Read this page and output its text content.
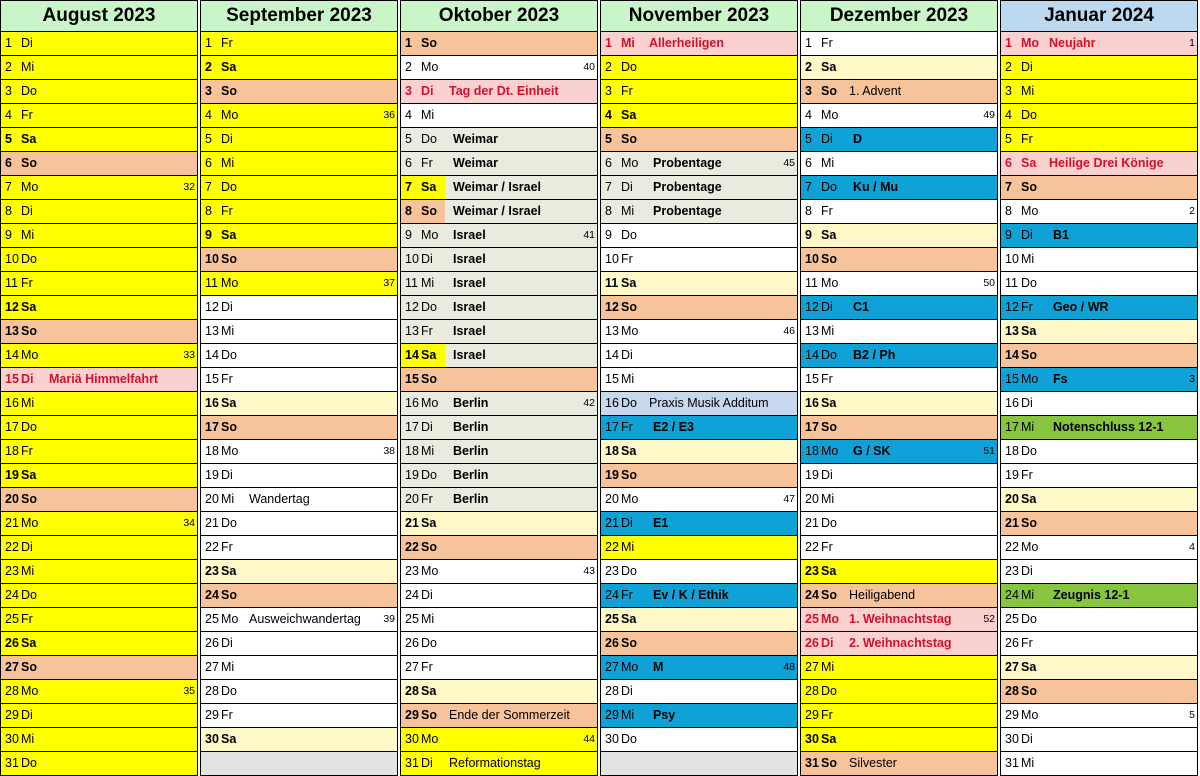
August 2023
1 Di
2 Mi
3 Do
4 Fr
5 Sa
6 So
7 Mo	32
8 Di
9 Mi
10 Do
11 Fr
12 Sa
13 So
14 Mo	33
15 Di Mariä Himmelfahrt
16 Mi
17 Do
18 Fr
19 Sa
20 So
21 Mo	34
22 Di
23 Mi
24 Do
25 Fr
26 Sa
27 So
28 Mo	35
29 Di
30 Mi
31 Do
September 2023
1 Fr
2 Sa
3 So
4 Mo	36
5 Di
6 Mi
7 Do
8 Fr
9 Sa
10 So
11 Mo	37
12 Di
13 Mi
14 Do
15 Fr
16 Sa
17 So
18 Mo	38
19 Di
20 Mi Wandertag
21 Do
22 Fr
23 Sa
24 So
25 Mo Ausweichwandertag 39
26 Di
27 Mi
28 Do
29 Fr
30 Sa
Oktober 2023
1 So
2 Mo	40
3 Di Tag der Dt. Einheit
4 Mi
5 Do Weimar
6 Fr Weimar
7 Sa Weimar / Israel
8 So Weimar / Israel
9 Mo Israel	41
10 Di Israel
11 Mi Israel
12 Do Israel
13 Fr Israel
14 Sa Israel
15 So
16 Mo Berlin	42
17 Di Berlin
18 Mi Berlin
19 Do Berlin
20 Fr Berlin
21 Sa
22 So
23 Mo	43
24 Di
25 Mi
26 Do
27 Fr
28 Sa
29 So Ende der Sommerzeit
30 Mo	44
31 Di Reformationstag
November 2023
1 Mi Allerheiligen
2 Do
3 Fr
4 Sa
5 So
6 Mo Probentage	45
7 Di Probentage
8 Mi Probentage
9 Do
10 Fr
11 Sa
12 So
13 Mo	46
14 Di
15 Mi
16 Do Praxis Musik Additum
17 Fr E2 / E3
18 Sa
19 So
20 Mo	47
21 Di E1
22 Mi
23 Do
24 Fr Ev / K / Ethik
25 Sa
26 So
27 Mo M	48
28 Di
29 Mi Psy
30 Do
Dezember 2023
1 Fr
2 Sa
3 So 1. Advent
4 Mo	49
5 Di D
6 Mi
7 Do Ku / Mu
8 Fr
9 Sa
10 So
11 Mo	50
12 Di C1
13 Mi
14 Do B2 / Ph
15 Fr
16 Sa
17 So
18 Mo G / SK	51
19 Di
20 Mi
21 Do
22 Fr
23 Sa
24 So Heiligabend
25 Mo 1. Weihnachtstag	52
26 Di 2. Weihnachtstag
27 Mi
28 Do
29 Fr
30 Sa
31 So Silvester
Januar 2024
1 Mo Neujahr	1
2 Di
3 Mi
4 Do
5 Fr
6 Sa Heilige Drei Könige
7 So
8 Mo	2
9 Di B1
10 Mi
11 Do
12 Fr Geo / WR
13 Sa
14 So
15 Mo Fs	3
16 Di
17 Mi Notenschluss 12-1
18 Do
19 Fr
20 Sa
21 So
22 Mo	4
23 Di
24 Mi Zeugnis 12-1
25 Do
26 Fr
27 Sa
28 So
29 Mo	5
30 Di
31 Mi
